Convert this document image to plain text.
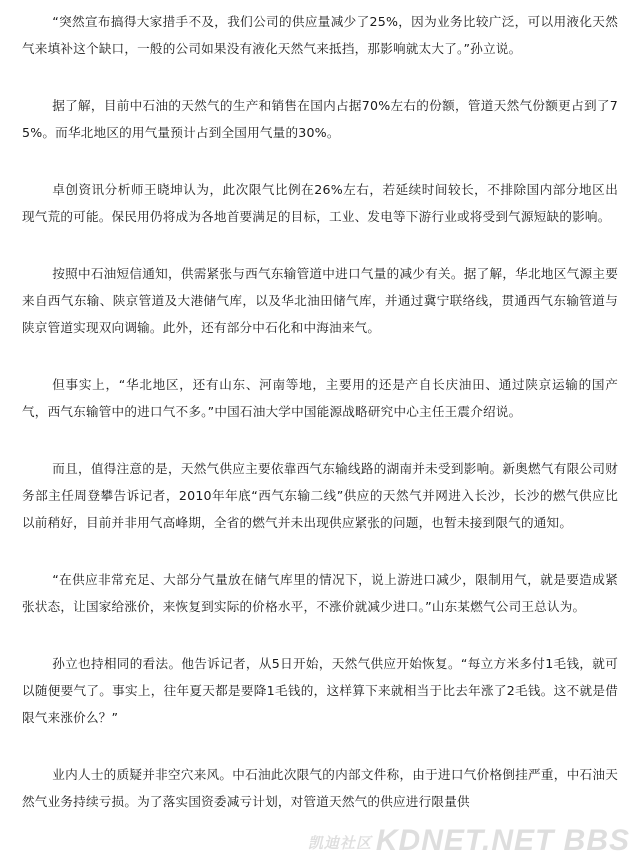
“突然宣布搞得大家措手不及，我们公司的供应量减少了25%，因为业务比较广泛，可以用液化天然气来填补这个缺口，一般的公司如果没有液化天然气来抵挡，那影响就太大了。”孙立说。

据了解，目前中石油的天然气的生产和销售在国内占据70%左右的份额，管道天然气份额更占到了75%。而华北地区的用气量预计占到全国用气量的30%。

卓创资讯分析师王晓坤认为，此次限气比例在26%左右，若延续时间较长，不排除国内部分地区出现气荒的可能。保民用仍将成为各地首要满足的目标，工业、发电等下游行业或将受到气源短缺的影响。

按照中石油短信通知，供需紧张与西气东输管道中进口气量的减少有关。据了解，华北地区气源主要来自西气东输、陕京管道及大港储气库，以及华北油田储气库，并通过冀宁联络线，贯通西气东输管道与陕京管道实现双向调输。此外，还有部分中石化和中海油来气。

但事实上，“华北地区，还有山东、河南等地，主要用的还是产自长庆油田、通过陕京运输的国产气，西气东输管中的进口气不多。”中国石油大学中国能源战略研究中心主任王震介绍说。

而且，值得注意的是，天然气供应主要依靠西气东输线路的湖南并未受到影响。新奥燃气有限公司财务部主任周登攀告诉记者，2010年年底“西气东输二线”供应的天然气并网进入长沙，长沙的燃气供应比以前稍好，目前并非用气高峰期，全省的燃气并未出现供应紧张的问题，也暂未接到限气的通知。

“在供应非常充足、大部分气量放在储气库里的情况下，说上游进口减少，限制用气，就是要造成紧张状态，让国家给涨价，来恢复到实际的价格水平，不涨价就减少进口。”山东某燃气公司王总认为。

孙立也持相同的看法。他告诉记者，从5日开始，天然气供应开始恢复。“每立方米多付1毛钱，就可以随便要气了。事实上，往年夏天都是要降1毛钱的，这样算下来就相当于比去年涨了2毛钱。这不就是借限气来涨价么？”

业内人士的质疑并非空穴来风。中石油此次限气的内部文件称，由于进口气价格倒挂严重，中石油天然气业务持续亏损。为了落实国资委减亏计划，对管道天然气的供应进行限量供

凯迪社区 KDNET.NET BBS
